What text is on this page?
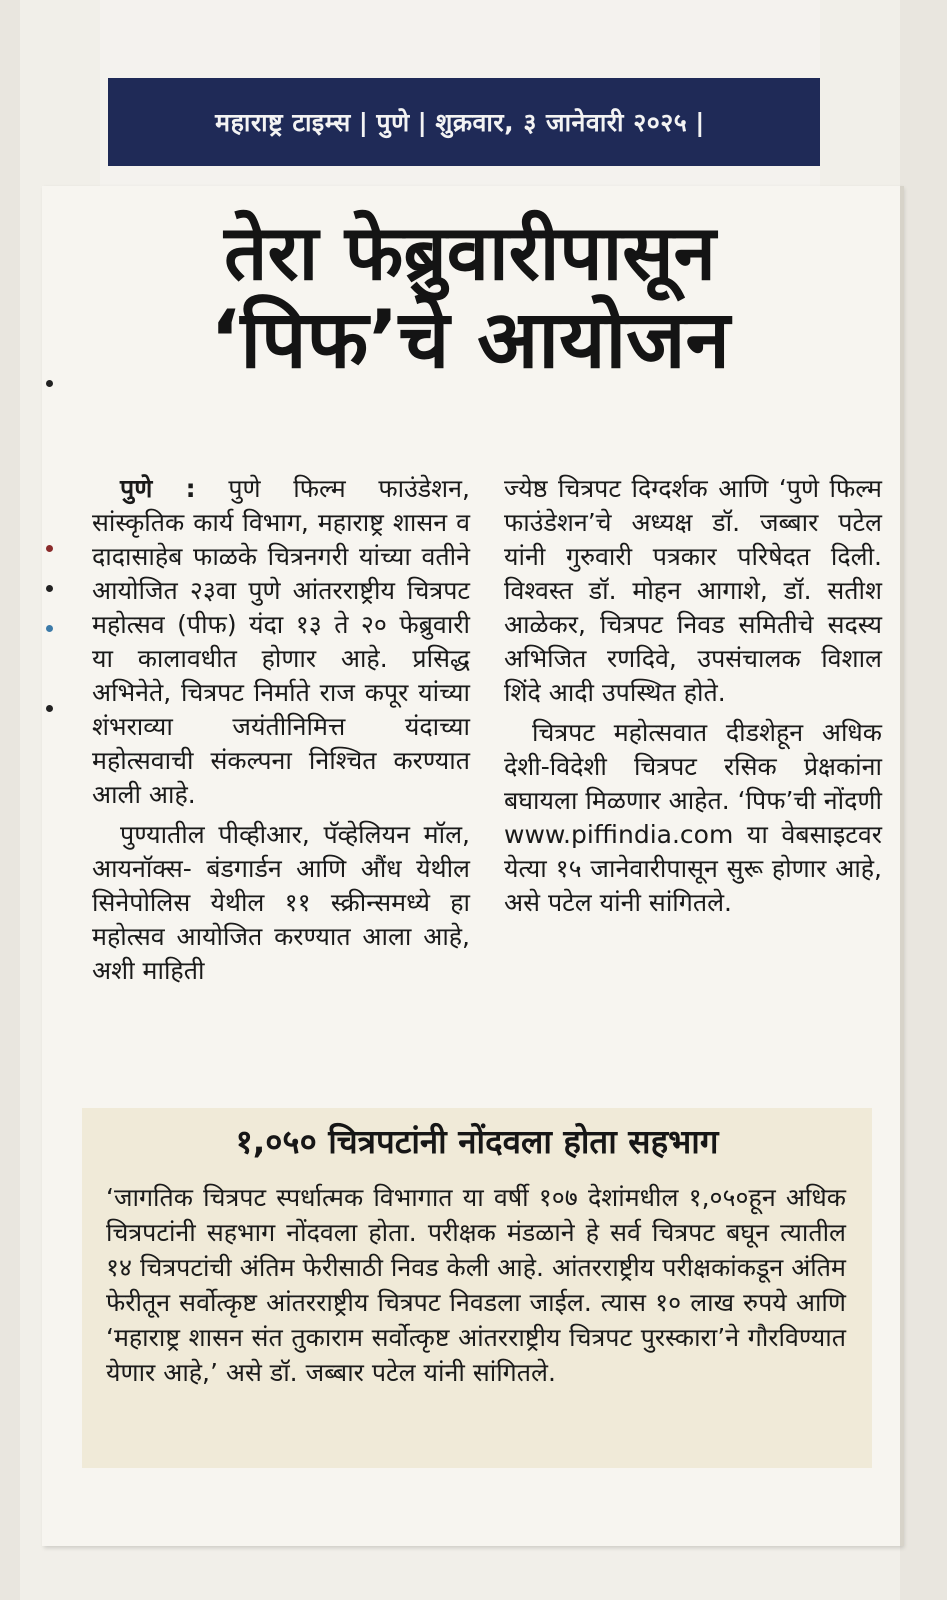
महाराष्ट्र टाइम्स | पुणे | शुक्रवार, ३ जानेवारी २०२५ |
तेरा फेब्रुवारीपासून
‘पिफ’चे आयोजन

पुणे : पुणे फिल्म फाउंडेशन, सांस्कृतिक कार्य विभाग, महाराष्ट्र शासन व दादासाहेब फाळके चित्रनगरी यांच्या वतीने आयोजित २३वा पुणे आंतरराष्ट्रीय चित्रपट महोत्सव (पीफ) यंदा १३ ते २० फेब्रुवारी या कालावधीत होणार आहे. प्रसिद्ध अभिनेते, चित्रपट निर्माते राज कपूर यांच्या शंभराव्या जयंतीनिमित्त यंदाच्या महोत्सवाची संकल्पना निश्चित करण्यात आली आहे.

पुण्यातील पीव्हीआर, पॅव्हेलियन मॉल, आयनॉक्स- बंडगार्डन आणि औंध येथील सिनेपोलिस येथील ११ स्क्रीन्समध्ये हा महोत्सव आयोजित करण्यात आला आहे, अशी माहिती

ज्येष्ठ चित्रपट दिग्दर्शक आणि ‘पुणे फिल्म फाउंडेशन’चे अध्यक्ष डॉ. जब्बार पटेल यांनी गुरुवारी पत्रकार परिषेदत दिली. विश्वस्त डॉ. मोहन आगाशे, डॉ. सतीश आळेकर, चित्रपट निवड समितीचे सदस्य अभिजित रणदिवे, उपसंचालक विशाल शिंदे आदी उपस्थित होते.

चित्रपट महोत्सवात दीडशेहून अधिक देशी-विदेशी चित्रपट रसिक प्रेक्षकांना बघायला मिळणार आहेत. ‘पिफ’ची नोंदणी www.piffindia.com या वेबसाइटवर येत्या १५ जानेवारीपासून सुरू होणार आहे, असे पटेल यांनी सांगितले.

१,०५० चित्रपटांनी नोंदवला होता सहभाग
‘जागतिक चित्रपट स्पर्धात्मक विभागात या वर्षी १०७ देशांमधील १,०५०हून अधिक चित्रपटांनी सहभाग नोंदवला होता. परीक्षक मंडळाने हे सर्व चित्रपट बघून त्यातील १४ चित्रपटांची अंतिम फेरीसाठी निवड केली आहे. आंतरराष्ट्रीय परीक्षकांकडून अंतिम फेरीतून सर्वोत्कृष्ट आंतरराष्ट्रीय चित्रपट निवडला जाईल. त्यास १० लाख रुपये आणि ‘महाराष्ट्र शासन संत तुकाराम सर्वोत्कृष्ट आंतरराष्ट्रीय चित्रपट पुरस्कारा’ने गौरविण्यात येणार आहे,’ असे डॉ. जब्बार पटेल यांनी सांगितले.
